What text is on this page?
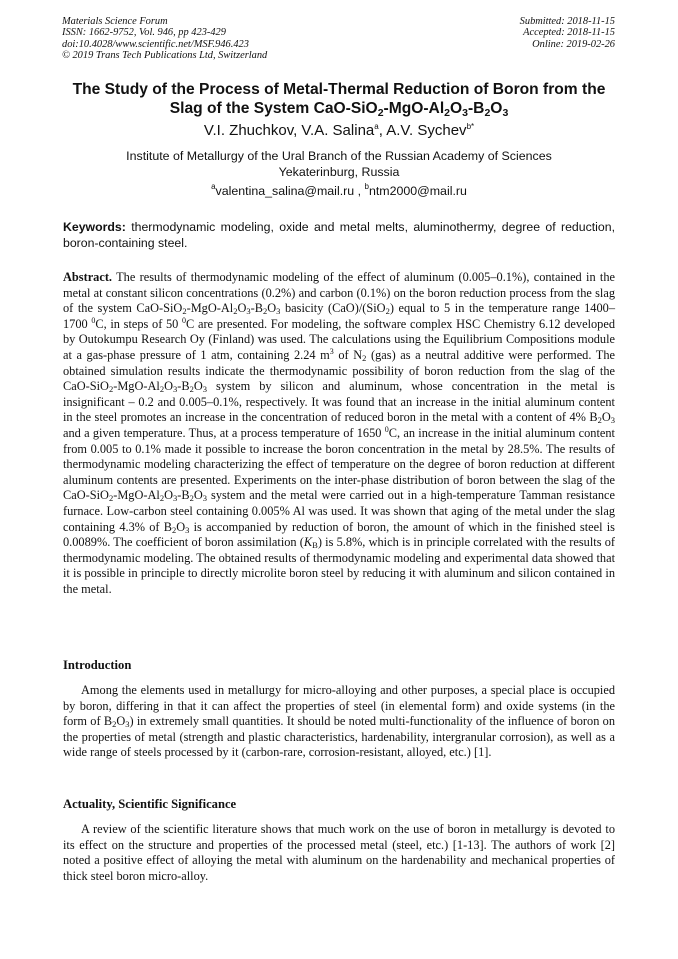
Materials Science Forum
ISSN: 1662-9752, Vol. 946, pp 423-429
doi:10.4028/www.scientific.net/MSF.946.423
© 2019 Trans Tech Publications Ltd, Switzerland
Submitted: 2018-11-15
Accepted: 2018-11-15
Online: 2019-02-26
The Study of the Process of Metal-Thermal Reduction of Boron from the
Slag of the System CaO-$SiO_2-MgO-Al_2O_3-B_2O_3$
V.I. Zhuchkov, V.A. Salina$^a$, A.V. Sychev$^{b*}$
Institute of Metallurgy of the Ural Branch of the Russian Academy of Sciences
Yekaterinburg, Russia
$^a$valentina_salina@mail.ru , $^b$ntm2000@mail.ru
Keywords: thermodynamic modeling, oxide and metal melts, aluminothermy, degree of reduction, boron-containing steel.
Abstract. The results of thermodynamic modeling of the effect of aluminum (0.005–0.1%), contained in the metal at constant silicon concentrations (0.2%) and carbon (0.1%) on the boron reduction process from the slag of the system CaO-$SiO_2-MgO-Al_2O_3-B_2O_3$ basicity (CaO)/(SiO$_2$) equal to 5 in the temperature range 1400–1700 $^0$C, in steps of 50 $^0$C are presented. For modeling, the software complex HSC Chemistry 6.12 developed by Outokumpu Research Oy (Finland) was used. The calculations using the Equilibrium Compositions module at a gas-phase pressure of 1 atm, containing 2.24 $m^3$ of $N_2$ (gas) as a neutral additive were performed. The obtained simulation results indicate the thermodynamic possibility of boron reduction from the slag of the CaO-$SiO_2-MgO-Al_2O_3-B_2O_3$ system by silicon and aluminum, whose concentration in the metal is insignificant – 0.2 and 0.005–0.1%, respectively. It was found that an increase in the initial aluminum content in the steel promotes an increase in the concentration of reduced boron in the metal with a content of 4% $B_2O_3$ and a given temperature. Thus, at a process temperature of 1650 $^0$C, an increase in the initial aluminum content from 0.005 to 0.1% made it possible to increase the boron concentration in the metal by 28.5%. The results of thermodynamic modeling characterizing the effect of temperature on the degree of boron reduction at different aluminum contents are presented. Experiments on the inter-phase distribution of boron between the slag of the CaO-$SiO_2-MgO-Al_2O_3-B_2O_3$ system and the metal were carried out in a high-temperature Tamman resistance furnace. Low-carbon steel containing 0.005% Al was used. It was shown that aging of the metal under the slag containing 4.3% of $B_2O_3$ is accompanied by reduction of boron, the amount of which in the finished steel is 0.0089%. The coefficient of boron assimilation $(K_B)$ is 5.8%, which is in principle correlated with the results of thermodynamic modeling. The obtained results of thermodynamic modeling and experimental data showed that it is possible in principle to directly microlite boron steel by reducing it with aluminum and silicon contained in the metal.
Introduction
Among the elements used in metallurgy for micro-alloying and other purposes, a special place is occupied by boron, differing in that it can affect the properties of steel (in elemental form) and oxide systems (in the form of $B_2O_3$) in extremely small quantities. It should be noted multi-functionality of the influence of boron on the properties of metal (strength and plastic characteristics, hardenability, intergranular corrosion), as well as a wide range of steels processed by it (carbon-rare, corrosion-resistant, alloyed, etc.) [1].
Actuality, Scientific Significance
A review of the scientific literature shows that much work on the use of boron in metallurgy is devoted to its effect on the structure and properties of the processed metal (steel, etc.) [1-13]. The authors of work [2] noted a positive effect of alloying the metal with aluminum on the hardenability and mechanical properties of thick steel boron micro-alloy.
